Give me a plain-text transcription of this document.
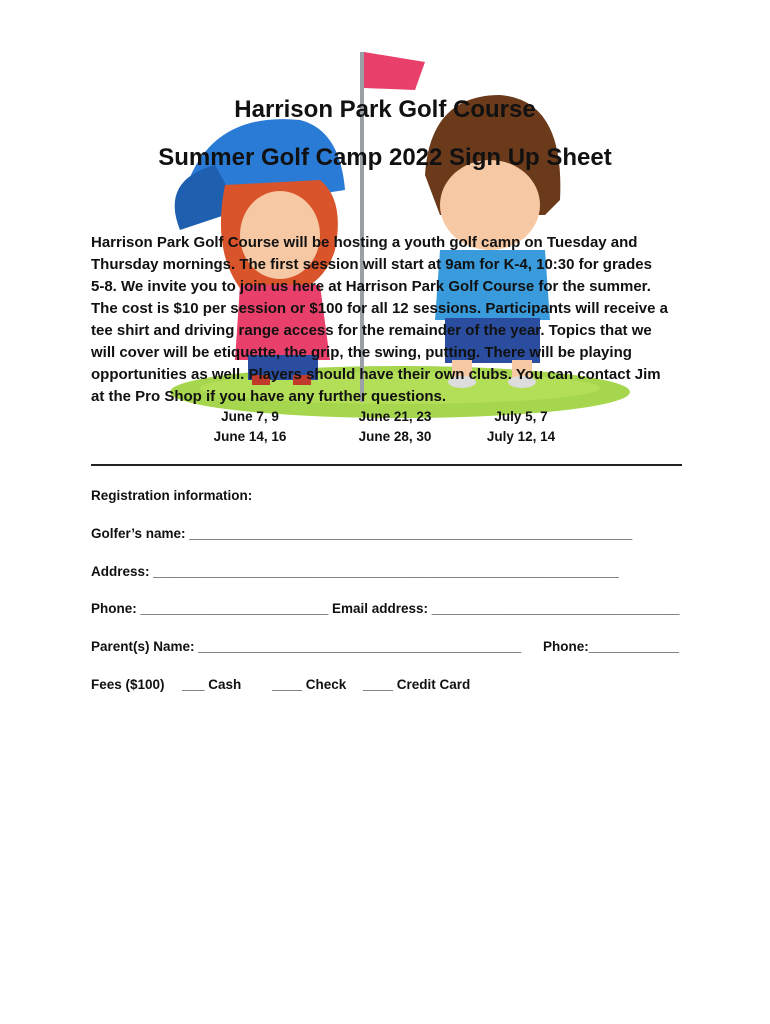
Harrison Park Golf Course
Summer Golf Camp 2022 Sign Up Sheet
Harrison Park Golf Course will be hosting a youth golf camp on Tuesday and
Thursday mornings. The first session will start at 9am for K-4, 10:30 for grades
5-8. We invite you to join us here at Harrison Park Golf Course for the summer.
The cost is $10 per session or $100 for all 12 sessions. Participants will receive a
tee shirt and driving range access for the remainder of the year. Topics that we
will cover will be etiquette, the grip, the swing, putting. There will be playing
opportunities as well. Players should have their own clubs. You can contact Jim
at the Pro Shop if you have any further questions.
June 7, 9
June 14, 16
June 21, 23
June 28, 30
July 5, 7
July 12, 14
Registration information:
Golfer’s name: ___________________________________________________________
Address: ______________________________________________________________
Phone: _________________________ Email address: _________________________________
Parent(s) Name: ___________________________________________ Phone:____________
Fees ($100) ___ Cash ____ Check ____ Credit Card
